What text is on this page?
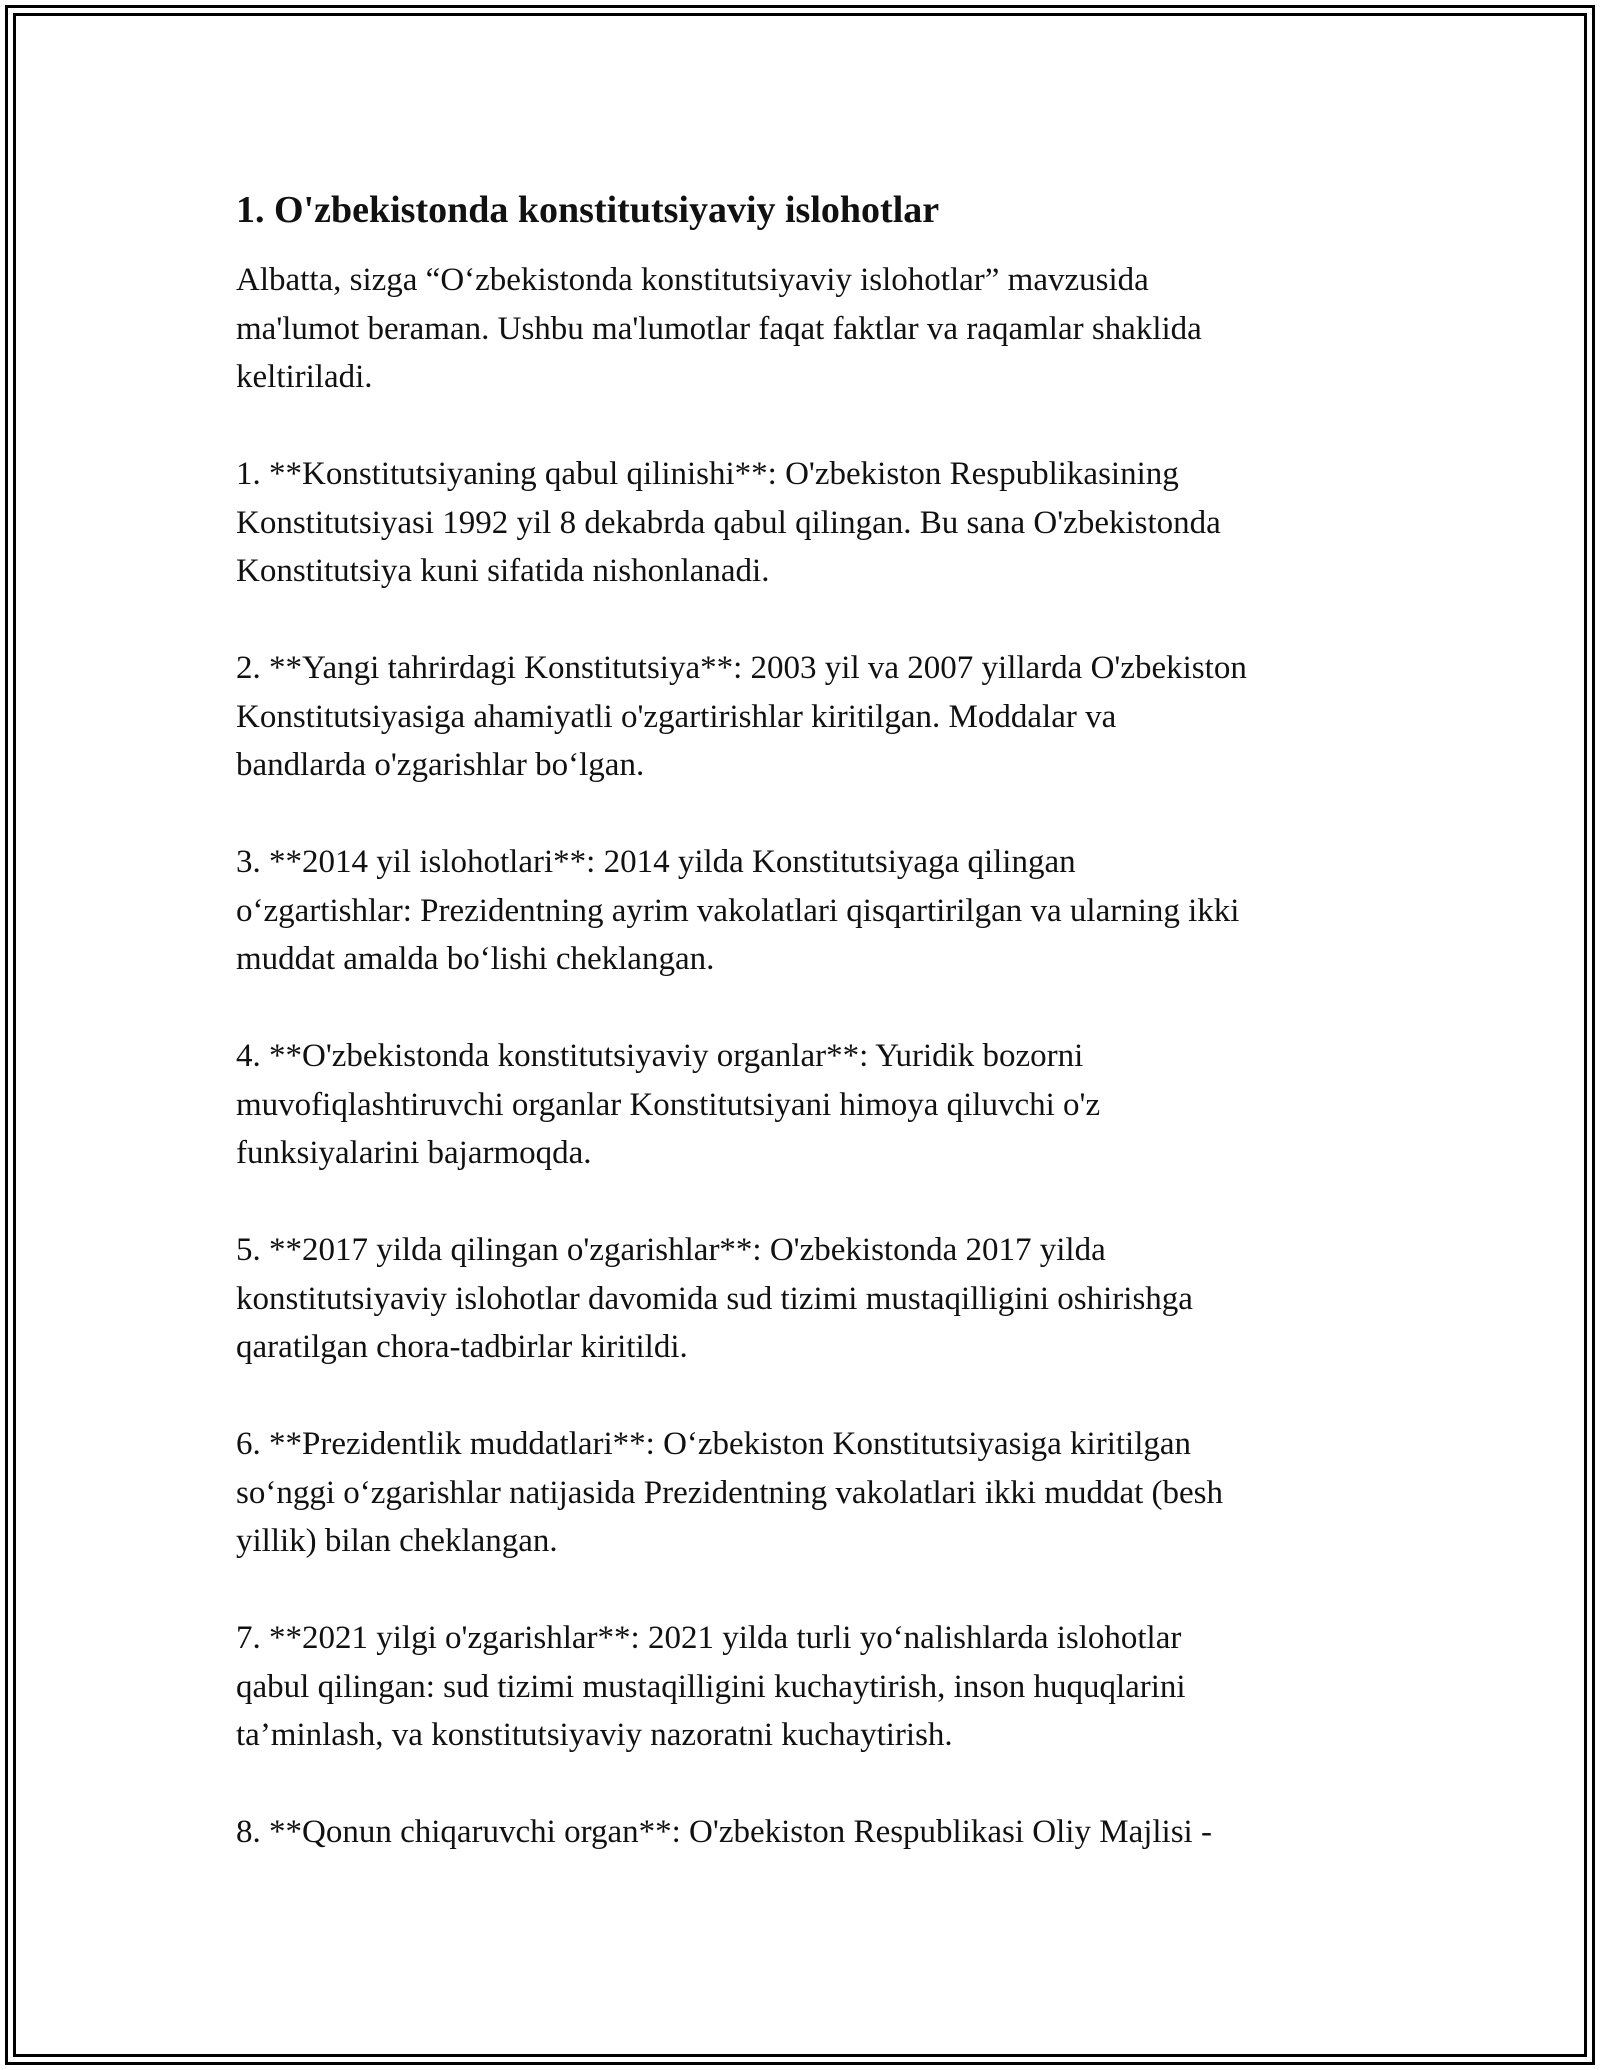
1. O'zbekistonda konstitutsiyaviy islohotlar

Albatta, sizga “O‘zbekistonda konstitutsiyaviy islohotlar” mavzusida
ma'lumot beraman. Ushbu ma'lumotlar faqat faktlar va raqamlar shaklida
keltiriladi.

1. **Konstitutsiyaning qabul qilinishi**: O'zbekiston Respublikasining
Konstitutsiyasi 1992 yil 8 dekabrda qabul qilingan. Bu sana O'zbekistonda
Konstitutsiya kuni sifatida nishonlanadi.

2. **Yangi tahrirdagi Konstitutsiya**: 2003 yil va 2007 yillarda O'zbekiston
Konstitutsiyasiga ahamiyatli o'zgartirishlar kiritilgan. Moddalar va
bandlarda o'zgarishlar bo‘lgan.

3. **2014 yil islohotlari**: 2014 yilda Konstitutsiyaga qilingan
o‘zgartishlar: Prezidentning ayrim vakolatlari qisqartirilgan va ularning ikki
muddat amalda bo‘lishi cheklangan.

4. **O'zbekistonda konstitutsiyaviy organlar**: Yuridik bozorni
muvofiqlashtiruvchi organlar Konstitutsiyani himoya qiluvchi o'z
funksiyalarini bajarmoqda.

5. **2017 yilda qilingan o'zgarishlar**: O'zbekistonda 2017 yilda
konstitutsiyaviy islohotlar davomida sud tizimi mustaqilligini oshirishga
qaratilgan chora-tadbirlar kiritildi.

6. **Prezidentlik muddatlari**: O‘zbekiston Konstitutsiyasiga kiritilgan
so‘nggi o‘zgarishlar natijasida Prezidentning vakolatlari ikki muddat (besh
yillik) bilan cheklangan.

7. **2021 yilgi o'zgarishlar**: 2021 yilda turli yo‘nalishlarda islohotlar
qabul qilingan: sud tizimi mustaqilligini kuchaytirish, inson huquqlarini
ta’minlash, va konstitutsiyaviy nazoratni kuchaytirish.

8. **Qonun chiqaruvchi organ**: O'zbekiston Respublikasi Oliy Majlisi -
